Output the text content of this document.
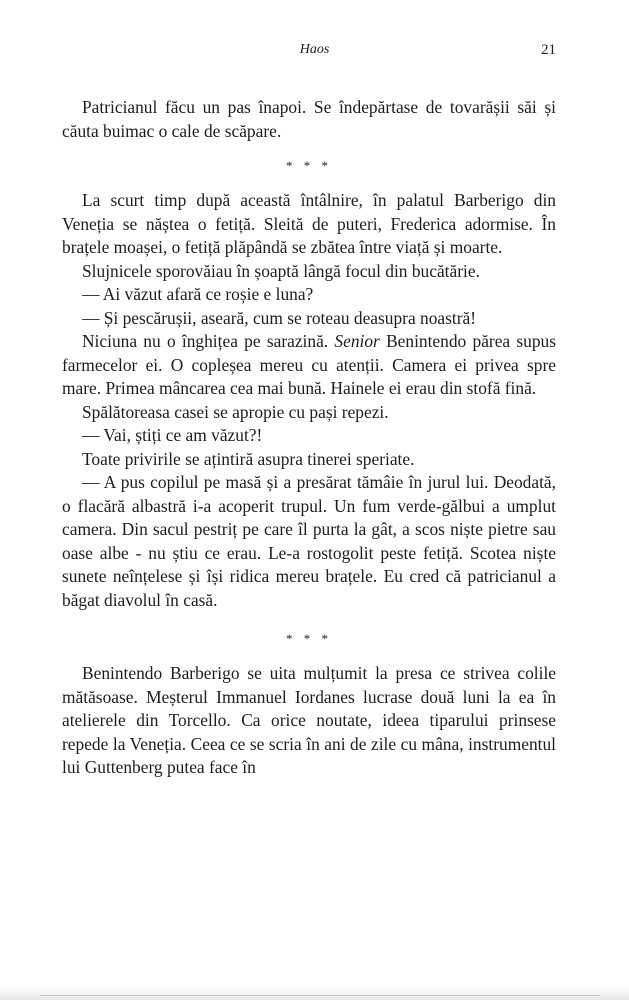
Haos	21

Patricianul făcu un pas înapoi. Se îndepărtase de tovarășii săi și căuta buimac o cale de scăpare.

* * *

La scurt timp după această întâlnire, în palatul Barberigo din Veneția se năștea o fetiță. Sleită de puteri, Frederica adormise. În brațele moașei, o fetiță plăpândă se zbătea între viață și moarte.

Slujnicele sporovăiau în șoaptă lângă focul din bucătărie.

— Ai văzut afară ce roșie e luna?

— Și pescărușii, aseară, cum se roteau deasupra noastră!

Niciuna nu o înghițea pe sarazină. Senior Benintendo părea supus farmecelor ei. O copleșea mereu cu atenții. Camera ei privea spre mare. Primea mâncarea cea mai bună. Hainele ei erau din stofă fină.

Spălătoreasa casei se apropie cu pași repezi.

— Vai, știți ce am văzut?!

Toate privirile se ațintiră asupra tinerei speriate.

— A pus copilul pe masă și a presărat tămâie în jurul lui. Deodată, o flacără albastră i-a acoperit trupul. Un fum verde-gălbui a umplut camera. Din sacul pestriț pe care îl purta la gât, a scos niște pietre sau oase albe - nu știu ce erau. Le-a rostogolit peste fetiță. Scotea niște sunete neînțelese și își ridica mereu brațele. Eu cred că patricianul a băgat diavolul în casă.

* * *

Benintendo Barberigo se uita mulțumit la presa ce strivea colile mătăsoase. Meșterul Immanuel Iordanes lucrase două luni la ea în atelierele din Torcello. Ca orice noutate, ideea tiparului prinsese repede la Veneția. Ceea ce se scria în ani de zile cu mâna, instrumentul lui Guttenberg putea face în
